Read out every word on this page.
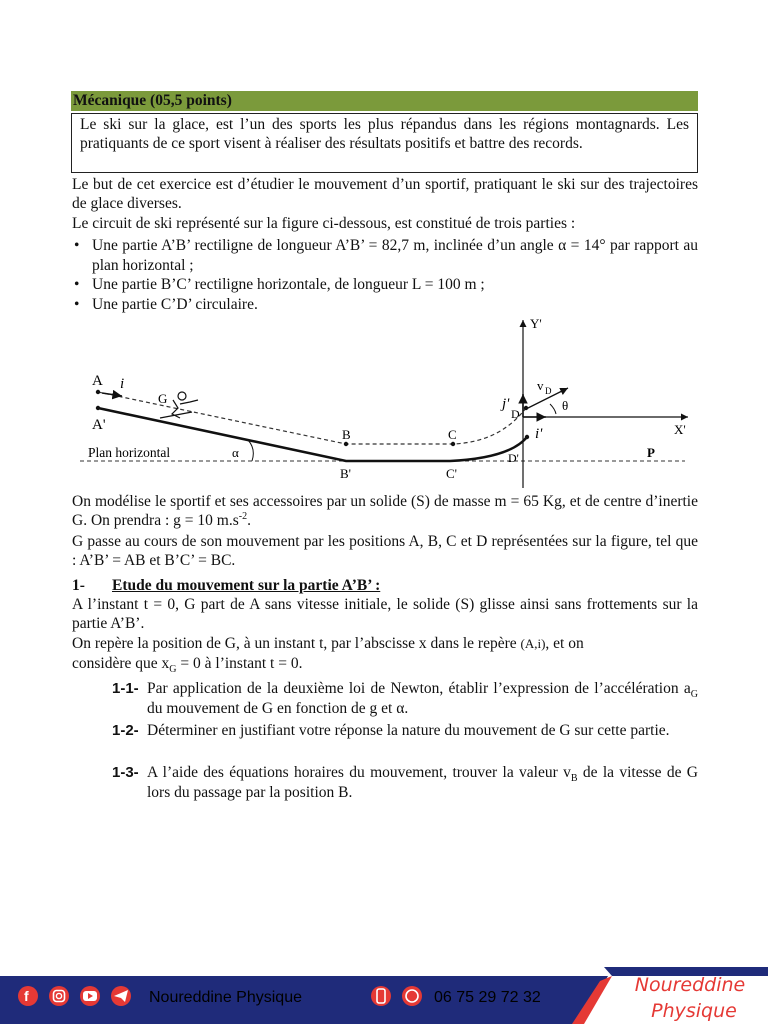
Mécanique (05,5 points)
Le ski sur la glace, est l’un des sports les plus répandus dans les régions montagnards. Les pratiquants de ce sport visent à réaliser des résultats positifs et battre des records.
Le but de cet exercice est d’étudier le mouvement d’un sportif, pratiquant le ski sur des trajectoires de glace diverses.
Le circuit de ski représenté sur la figure ci-dessous, est constitué de trois parties :
• Une partie A’B’ rectiligne de longueur A’B’ = 82,7 m, inclinée d’un angle α = 14° par rapport au plan horizontal ;
• Une partie B’C’ rectiligne horizontale, de longueur L = 100 m ;
• Une partie C’D’ circulaire.
A
A'
i
G
B
B'
C
C'
D
D'
j'
i'
v D
θ
Y'
X'
P
α
Plan horizontal
On modélise le sportif et ses accessoires par un solide (S) de masse m = 65 Kg, et de centre d’inertie G. On prendra : g = 10 $m.s^{-2}$.
G passe au cours de son mouvement par les positions A, B, C et D représentées sur la figure, tel que : A’B’ = AB et B’C’ = BC.
1- Etude du mouvement sur la partie A’B’ :
A l’instant t = 0, G part de A sans vitesse initiale, le solide (S) glisse ainsi sans frottements sur la partie A’B’.
On repère la position de G, à un instant t, par l’abscisse x dans le repère (A,i), et on
considère que $x_G = 0$ à l’instant t = 0.
1-1- Par application de la deuxième loi de Newton, établir l’expression de l’accélération $a_G$ du mouvement de G en fonction de g et α.
1-2- Déterminer en justifiant votre réponse la nature du mouvement de G sur cette partie.
1-3- A l’aide des équations horaires du mouvement, trouver la valeur $v_B$ de la vitesse de G lors du passage par la position B.
f	Noureddine Physique	06 75 29 72 32
Noureddine
Physique
